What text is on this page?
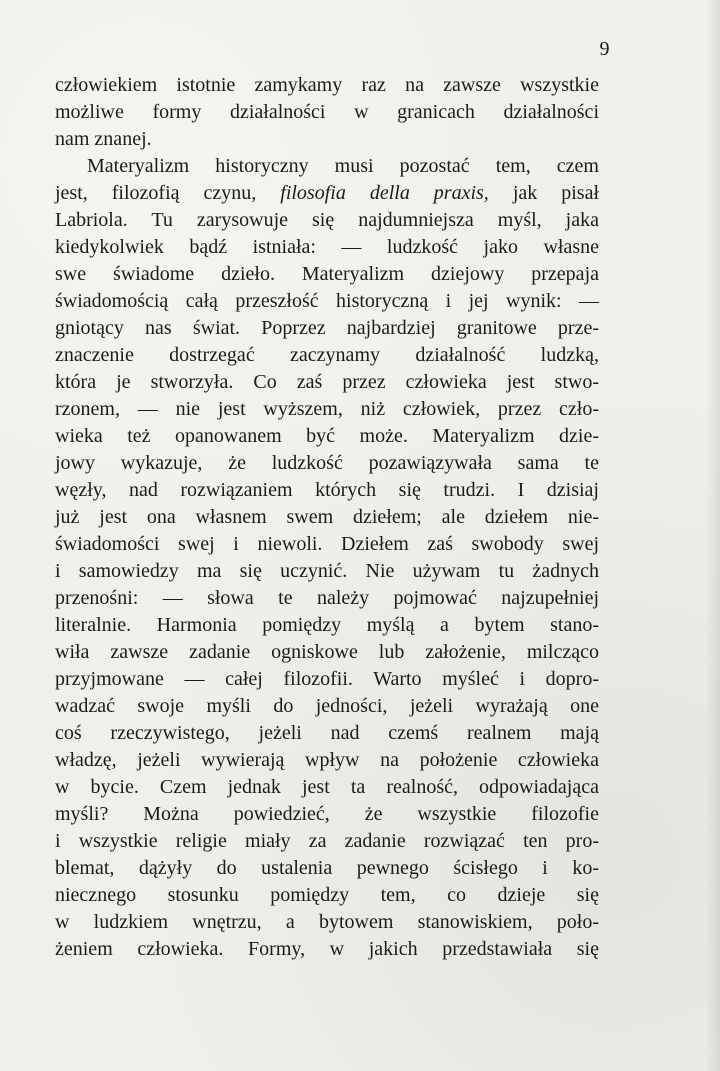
9
człowiekiem istotnie zamykamy raz na zawsze wszystkie
możliwe formy działalności w granicach działalności
nam znanej.
Materyalizm historyczny musi pozostać tem, czem
jest, filozofią czynu, filosofia della praxis, jak pisał
Labriola. Tu zarysowuje się najdumniejsza myśl, jaka
kiedykolwiek bądź istniała: — ludzkość jako własne
swe świadome dzieło. Materyalizm dziejowy przepaja
świadomością całą przeszłość historyczną i jej wynik: —
gniotący nas świat. Poprzez najbardziej granitowe prze-
znaczenie dostrzegać zaczynamy działalność ludzką,
która je stworzyła. Co zaś przez człowieka jest stwo-
rzonem, — nie jest wyższem, niż człowiek, przez czło-
wieka też opanowanem być może. Materyalizm dzie-
jowy wykazuje, że ludzkość pozawiązywała sama te
węzły, nad rozwiązaniem których się trudzi. I dzisiaj
już jest ona własnem swem dziełem; ale dziełem nie-
świadomości swej i niewoli. Dziełem zaś swobody swej
i samowiedzy ma się uczynić. Nie używam tu żadnych
przenośni: — słowa te należy pojmować najzupełniej
literalnie. Harmonia pomiędzy myślą a bytem stano-
wiła zawsze zadanie ogniskowe lub założenie, milcząco
przyjmowane — całej filozofii. Warto myśleć i dopro-
wadzać swoje myśli do jedności, jeżeli wyrażają one
coś rzeczywistego, jeżeli nad czemś realnem mają
władzę, jeżeli wywierają wpływ na położenie człowieka
w bycie. Czem jednak jest ta realność, odpowiadająca
myśli? Można powiedzieć, że wszystkie filozofie
i wszystkie religie miały za zadanie rozwiązać ten pro-
blemat, dążyły do ustalenia pewnego ścisłego i ko-
niecznego stosunku pomiędzy tem, co dzieje się
w ludzkiem wnętrzu, a bytowem stanowiskiem, poło-
żeniem człowieka. Formy, w jakich przedstawiała się
